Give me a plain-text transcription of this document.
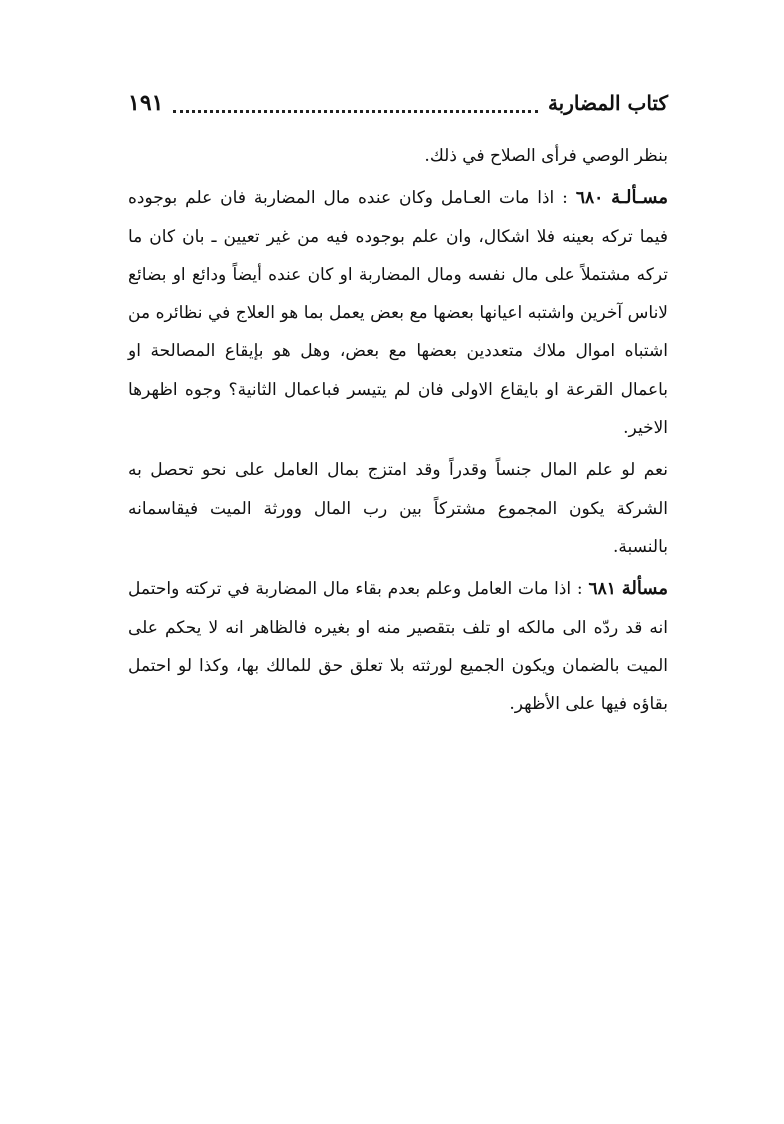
كتاب المضاربة
١٩١

بنظر الوصي فرأى الصلاح في ذلك.

مسـألـة ٦٨٠ : اذا مات العـامل وكان عنده مال المضاربة فان علم بوجوده فيما تركه بعينه فلا اشكال، وان علم بوجوده فيه من غير تعيين ـ بان كان ما تركه مشتملاً على مال نفسه ومال المضاربة او كان عنده أيضاً ودائع او بضائع لاناس آخرين واشتبه اعيانها بعضها مع بعض يعمل بما هو العلاج في نظائره من اشتباه اموال ملاك متعددين بعضها مع بعض، وهل هو بإيقاع المصالحة او باعمال القرعة او بايقاع الاولى فان لم يتيسر فباعمال الثانية؟ وجوه اظهرها الاخير.

نعم لو علم المال جنساً وقدراً وقد امتزج بمال العامل على نحو تحصل به الشركة يكون المجموع مشتركاً بين رب المال وورثة الميت فيقاسمانه بالنسبة.

مسألة ٦٨١ : اذا مات العامل وعلم بعدم بقاء مال المضاربة في تركته واحتمل انه قد ردّه الى مالكه او تلف بتقصير منه او بغيره فالظاهر انه لا يحكم على الميت بالضمان ويكون الجميع لورثته بلا تعلق حق للمالك بها، وكذا لو احتمل بقاؤه فيها على الأظهر.
